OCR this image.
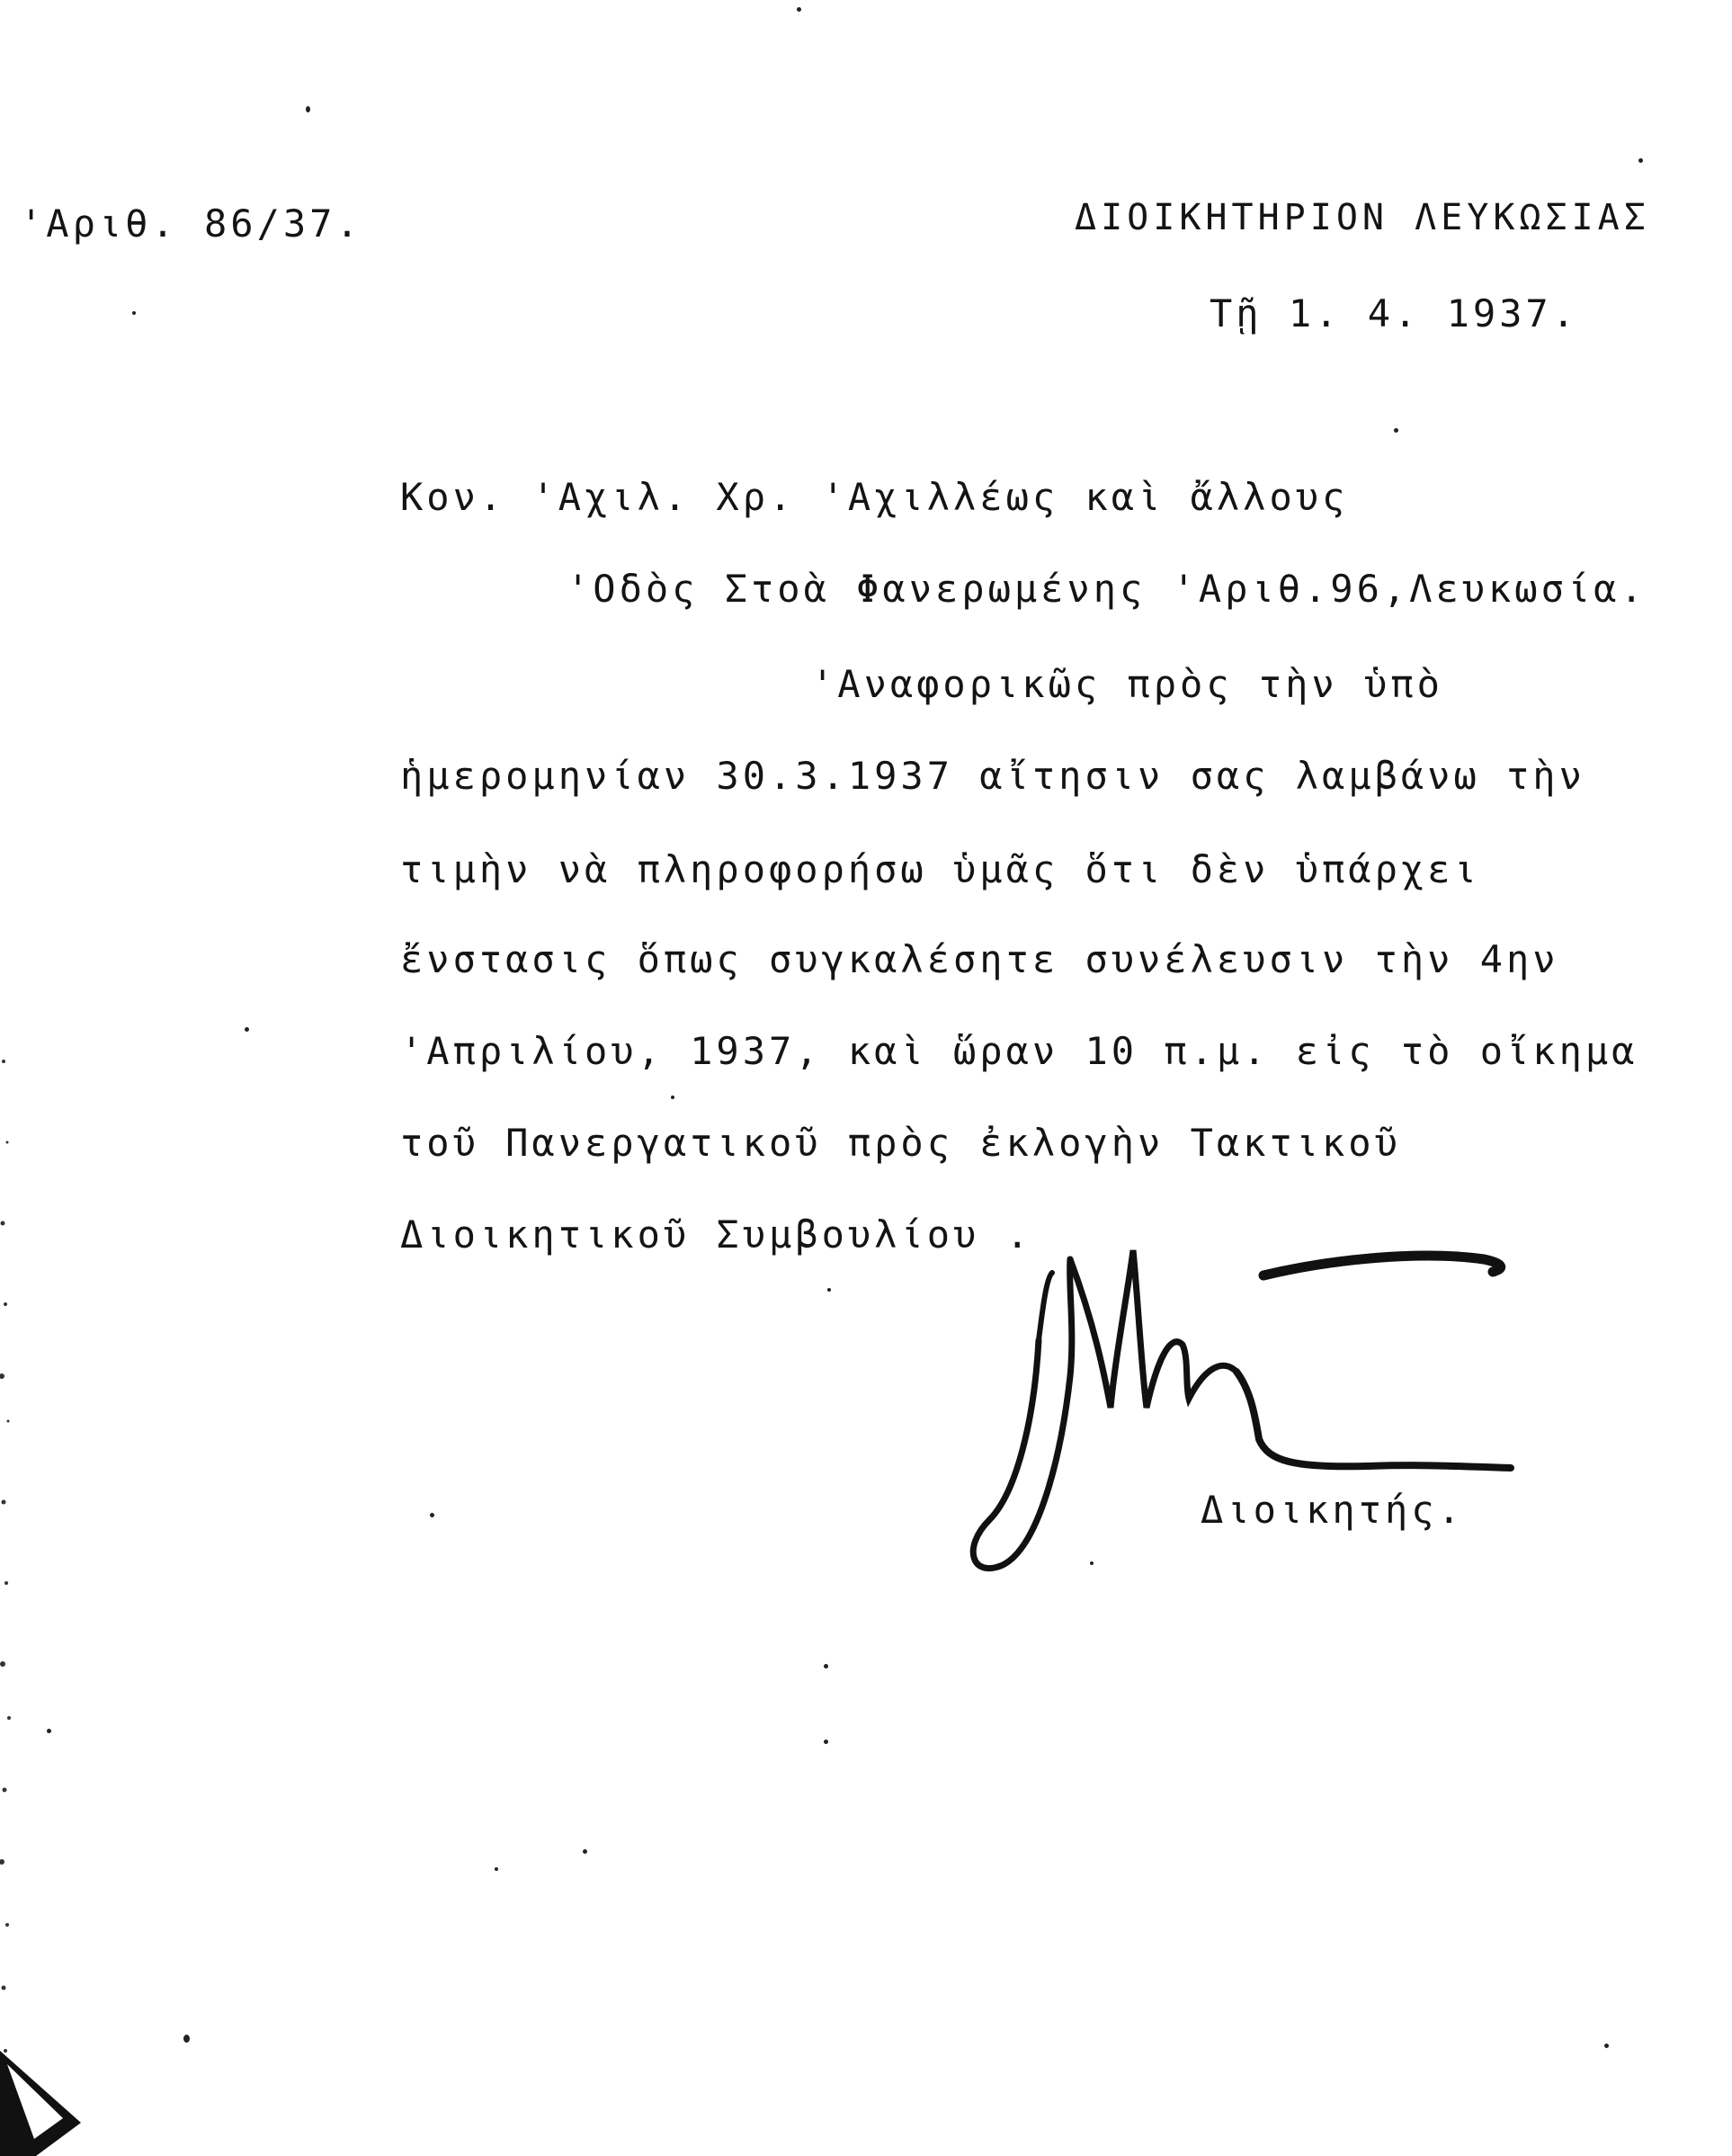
'Αριθ. 86/37.	ΔΙΟΙΚΗΤΗΡΙΟΝ ΛΕΥΚΩΣΙΑΣ
Τῇ 1. 4. 1937.
Κον. 'Αχιλ. Χρ. 'Αχιλλέως καὶ ἄλλους
'Οδὸς Στοὰ Φανερωμένης 'Αριθ.96,Λευκωσία.
'Αναφορικῶς πρὸς τὴν ὑπὸ
ἡμερομηνίαν 30.3.1937 αἴτησιν σας λαμβάνω τὴν
τιμὴν νὰ πληροφορήσω ὑμᾶς ὅτι δὲν ὑπάρχει
ἔνστασις ὅπως συγκαλέσητε συνέλευσιν τὴν 4ην
'Απριλίου, 1937, καὶ ὥραν 10 π.μ. εἰς τὸ οἴκημα
τοῦ Πανεργατικοῦ πρὸς ἐκλογὴν Τακτικοῦ
Διοικητικοῦ Συμβουλίου .
Διοικητής.
